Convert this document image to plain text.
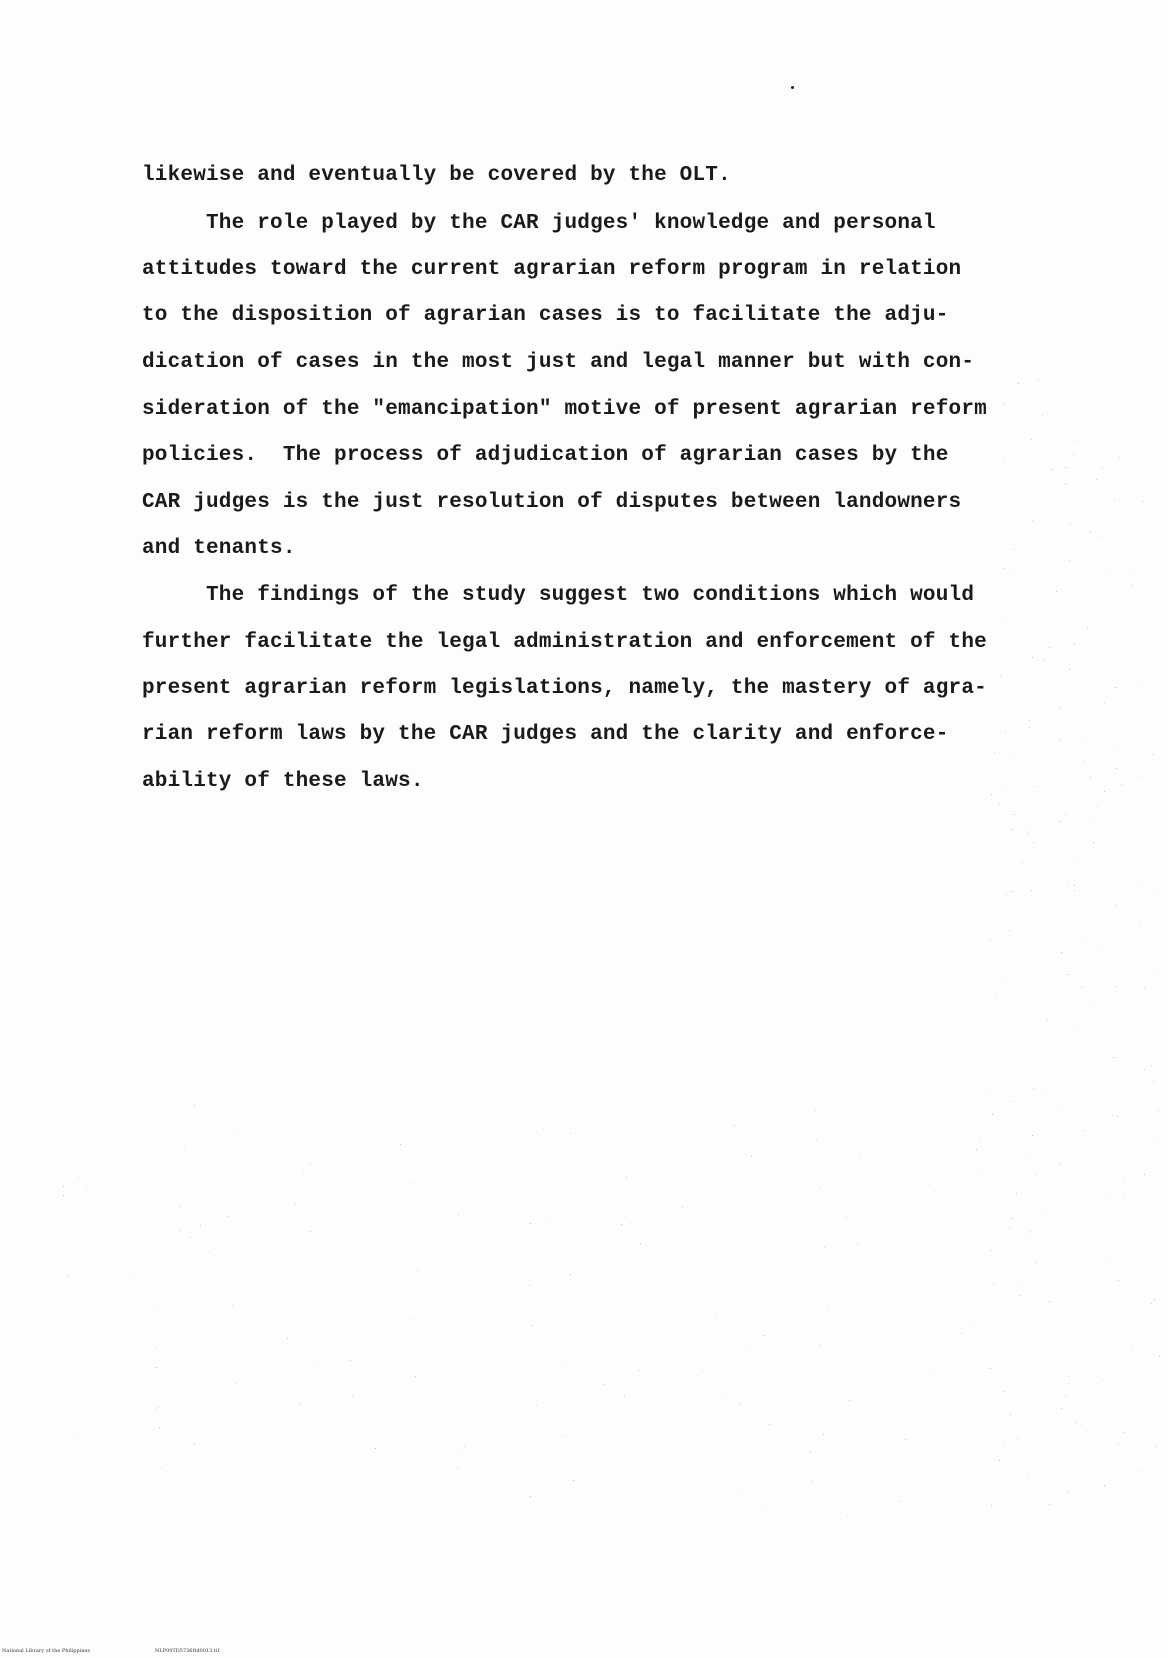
likewise and eventually be covered by the OLT.
The role played by the CAR judges' knowledge and personal
attitudes toward the current agrarian reform program in relation
to the disposition of agrarian cases is to facilitate the adju-
dication of cases in the most just and legal manner but with con-
sideration of the "emancipation" motive of present agrarian reform
policies.  The process of adjudication of agrarian cases by the
CAR judges is the just resolution of disputes between landowners
and tenants.
The findings of the study suggest two conditions which would
further facilitate the legal administration and enforcement of the
present agrarian reform legislations, namely, the mastery of agra-
rian reform laws by the CAR judges and the clarity and enforce-
ability of these laws.
National Library of the Philippines	NLP00TD5736ftd0013.tif
